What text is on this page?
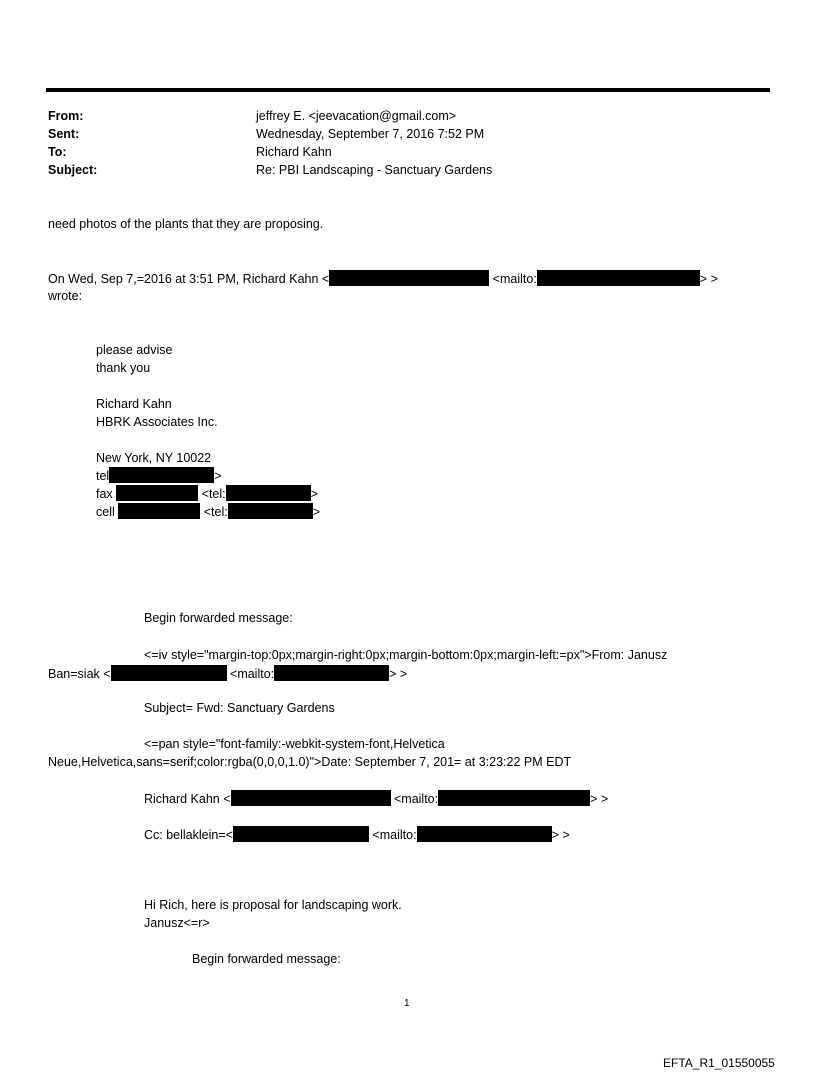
From:	jeffrey E. <jeevacation@gmail.com>
Sent:	Wednesday, September 7, 2016 7:52 PM
To:	Richard Kahn
Subject:	Re: PBI Landscaping - Sanctuary Gardens
need photos of the plants that they are proposing.
On Wed, Sep 7,=2016 at 3:51 PM, Richard Kahn <	<mailto:	> >
wrote:
please advise
thank you
Richard Kahn
HBRK Associates Inc.
New York, NY 10022
tel	>
fax	<tel:	>
cell	<tel:	>
Begin forwarded message:
<=iv style="margin-top:0px;margin-right:0px;margin-bottom:0px;margin-left:=px">From: Janusz
Ban=siak <	<mailto:	> >
Subject= Fwd: Sanctuary Gardens
<=pan style="font-family:-webkit-system-font,Helvetica
Neue,Helvetica,sans=serif;color:rgba(0,0,0,1.0)">Date: September 7, 201= at 3:23:22 PM EDT
Richard Kahn <	<mailto:	> >
Cc: bellaklein=<	<mailto:	> >
Hi Rich, here is proposal for landscaping work.
Janusz<=r>
Begin forwarded message:
1
EFTA_R1_01550055
